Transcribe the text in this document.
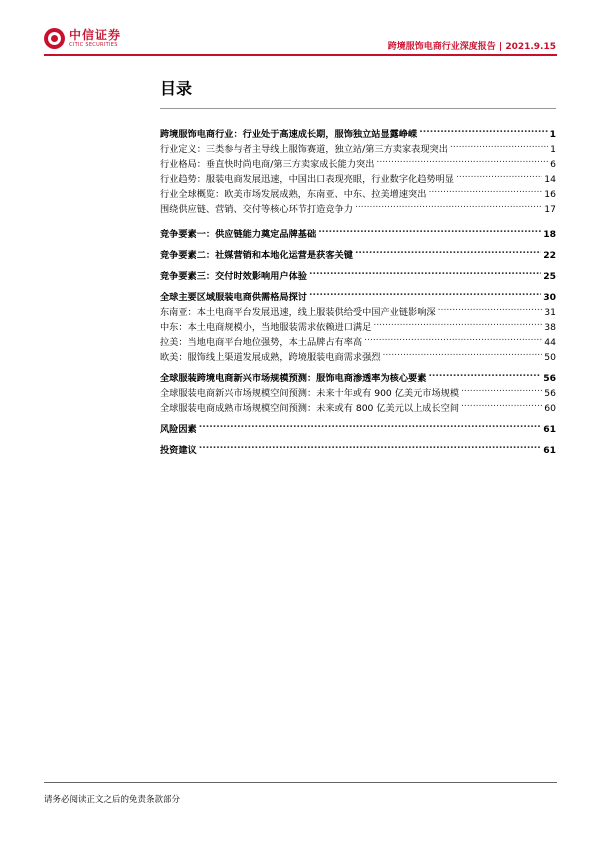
中信证券
CITIC SECURITIES	跨境服饰电商行业深度报告 | 2021.9.15
目录
跨境服饰电商行业：行业处于高速成长期，服饰独立站显露峥嵘 .....	1
行业定义：三类参与者主导线上服饰赛道，独立站/第三方卖家表现突出 .....	1
行业格局：垂直快时尚电商/第三方卖家成长能力突出 .....	6
行业趋势：服装电商发展迅速，中国出口表现亮眼，行业数字化趋势明显 .....	14
行业全球概览：欧美市场发展成熟，东南亚、中东、拉美增速突出 .....	16
围绕供应链、营销、交付等核心环节打造竞争力 .....	17
竞争要素一：供应链能力奠定品牌基础 .....	18
竞争要素二：社媒营销和本地化运营是获客关键 .....	22
竞争要素三：交付时效影响用户体验 .....	25
全球主要区域服装电商供需格局探讨 .....	30
东南亚：本土电商平台发展迅速，线上服装供给受中国产业链影响深 .....	31
中东：本土电商规模小，当地服装需求依赖进口满足 .....	38
拉美：当地电商平台地位强势，本土品牌占有率高 .....	44
欧美：服饰线上渠道发展成熟，跨境服装电商需求强烈 .....	50
全球服装跨境电商新兴市场规模预测：服饰电商渗透率为核心要素 .....	56
全球服装电商新兴市场规模空间预测：未来十年或有 900 亿美元市场规模 .....	56
全球服装电商成熟市场规模空间预测：未来或有 800 亿美元以上成长空间 .....	60
风险因素 .....	61
投资建议 .....	61
请务必阅读正文之后的免责条款部分
